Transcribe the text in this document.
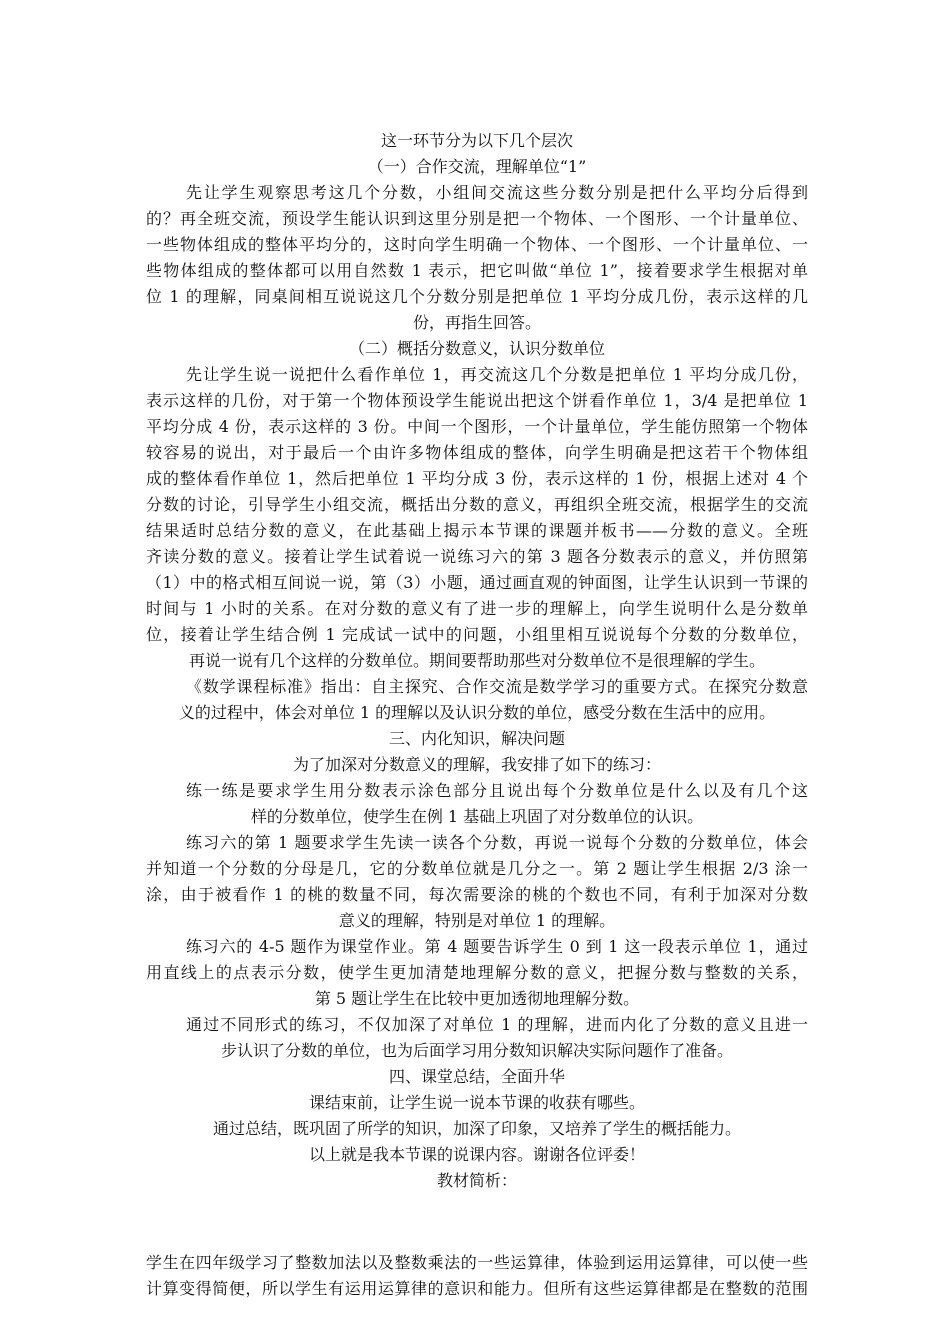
这一环节分为以下几个层次
（一）合作交流，理解单位“1”
先让学生观察思考这几个分数，小组间交流这些分数分别是把什么平均分后得到
的？再全班交流，预设学生能认识到这里分别是把一个物体、一个图形、一个计量单位、
一些物体组成的整体平均分的，这时向学生明确一个物体、一个图形、一个计量单位、一
些物体组成的整体都可以用自然数 1 表示，把它叫做“单位 1”，接着要求学生根据对单
位 1 的理解，同桌间相互说说这几个分数分别是把单位 1 平均分成几份，表示这样的几
份，再指生回答。
（二）概括分数意义，认识分数单位
先让学生说一说把什么看作单位 1，再交流这几个分数是把单位 1 平均分成几份，
表示这样的几份，对于第一个物体预设学生能说出把这个饼看作单位 1，3/4 是把单位 1
平均分成 4 份，表示这样的 3 份。中间一个图形，一个计量单位，学生能仿照第一个物体
较容易的说出，对于最后一个由许多物体组成的整体，向学生明确是把这若干个物体组
成的整体看作单位 1，然后把单位 1 平均分成 3 份，表示这样的 1 份，根据上述对 4 个
分数的讨论，引导学生小组交流，概括出分数的意义，再组织全班交流，根据学生的交流
结果适时总结分数的意义，在此基础上揭示本节课的课题并板书——分数的意义。全班
齐读分数的意义。接着让学生试着说一说练习六的第 3 题各分数表示的意义，并仿照第
（1）中的格式相互间说一说，第（3）小题，通过画直观的钟面图，让学生认识到一节课的
时间与 1 小时的关系。在对分数的意义有了进一步的理解上，向学生说明什么是分数单
位，接着让学生结合例 1 完成试一试中的问题，小组里相互说说每个分数的分数单位，
再说一说有几个这样的分数单位。期间要帮助那些对分数单位不是很理解的学生。
《数学课程标准》指出：自主探究、合作交流是数学学习的重要方式。在探究分数意
义的过程中，体会对单位 1 的理解以及认识分数的单位，感受分数在生活中的应用。
三、内化知识，解决问题
为了加深对分数意义的理解，我安排了如下的练习：
练一练是要求学生用分数表示涂色部分且说出每个分数单位是什么以及有几个这
样的分数单位，使学生在例 1 基础上巩固了对分数单位的认识。
练习六的第 1 题要求学生先读一读各个分数，再说一说每个分数的分数单位，体会
并知道一个分数的分母是几，它的分数单位就是几分之一。第 2 题让学生根据 2/3 涂一
涂，由于被看作 1 的桃的数量不同，每次需要涂的桃的个数也不同，有利于加深对分数
意义的理解，特别是对单位 1 的理解。
练习六的 4-5 题作为课堂作业。第 4 题要告诉学生 0 到 1 这一段表示单位 1，通过
用直线上的点表示分数，使学生更加清楚地理解分数的意义，把握分数与整数的关系，
第 5 题让学生在比较中更加透彻地理解分数。
通过不同形式的练习，不仅加深了对单位 1 的理解，进而内化了分数的意义且进一
步认识了分数的单位，也为后面学习用分数知识解决实际问题作了准备。
四、课堂总结，全面升华
课结束前，让学生说一说本节课的收获有哪些。
通过总结，既巩固了所学的知识，加深了印象，又培养了学生的概括能力。
以上就是我本节课的说课内容。谢谢各位评委！
教材简析：
学生在四年级学习了整数加法以及整数乘法的一些运算律，体验到运用运算律，可以使一些
计算变得简便，所以学生有运用运算律的意识和能力。但所有这些运算律都是在整数的范围
